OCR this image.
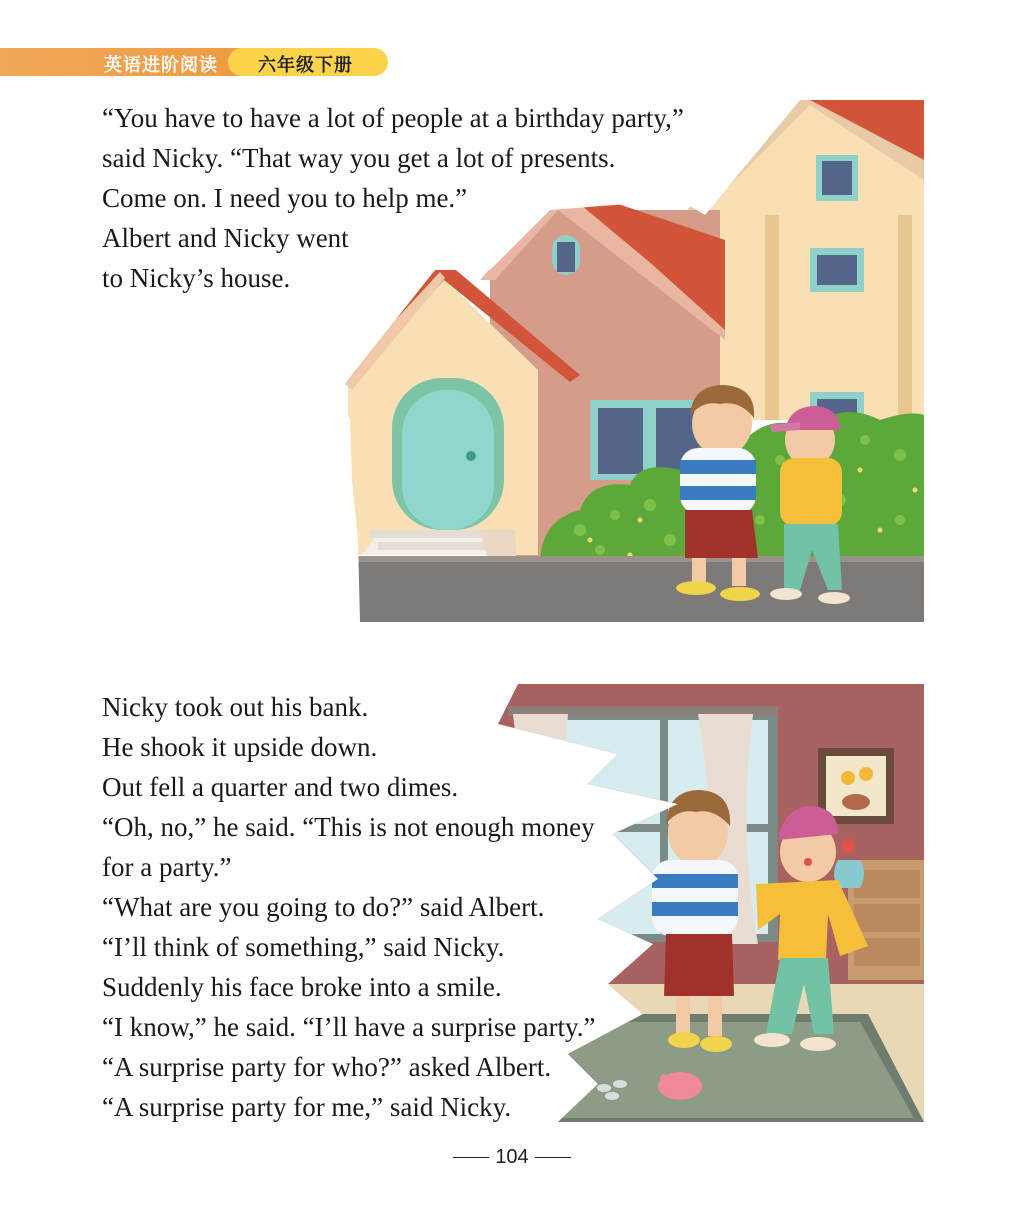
英语进阶阅读 六年级下册
“You have to have a lot of people at a birthday party,”
said Nicky. “That way you get a lot of presents.
Come on. I need you to help me.”
Albert and Nicky went
to Nicky’s house.
Nicky took out his bank.
He shook it upside down.
Out fell a quarter and two dimes.
“Oh, no,” he said. “This is not enough money
for a party.”
“What are you going to do?” said Albert.
“I’ll think of something,” said Nicky.
Suddenly his face broke into a smile.
“I know,” he said. “I’ll have a surprise party.”
“A surprise party for who?” asked Albert.
“A surprise party for me,” said Nicky.
104
